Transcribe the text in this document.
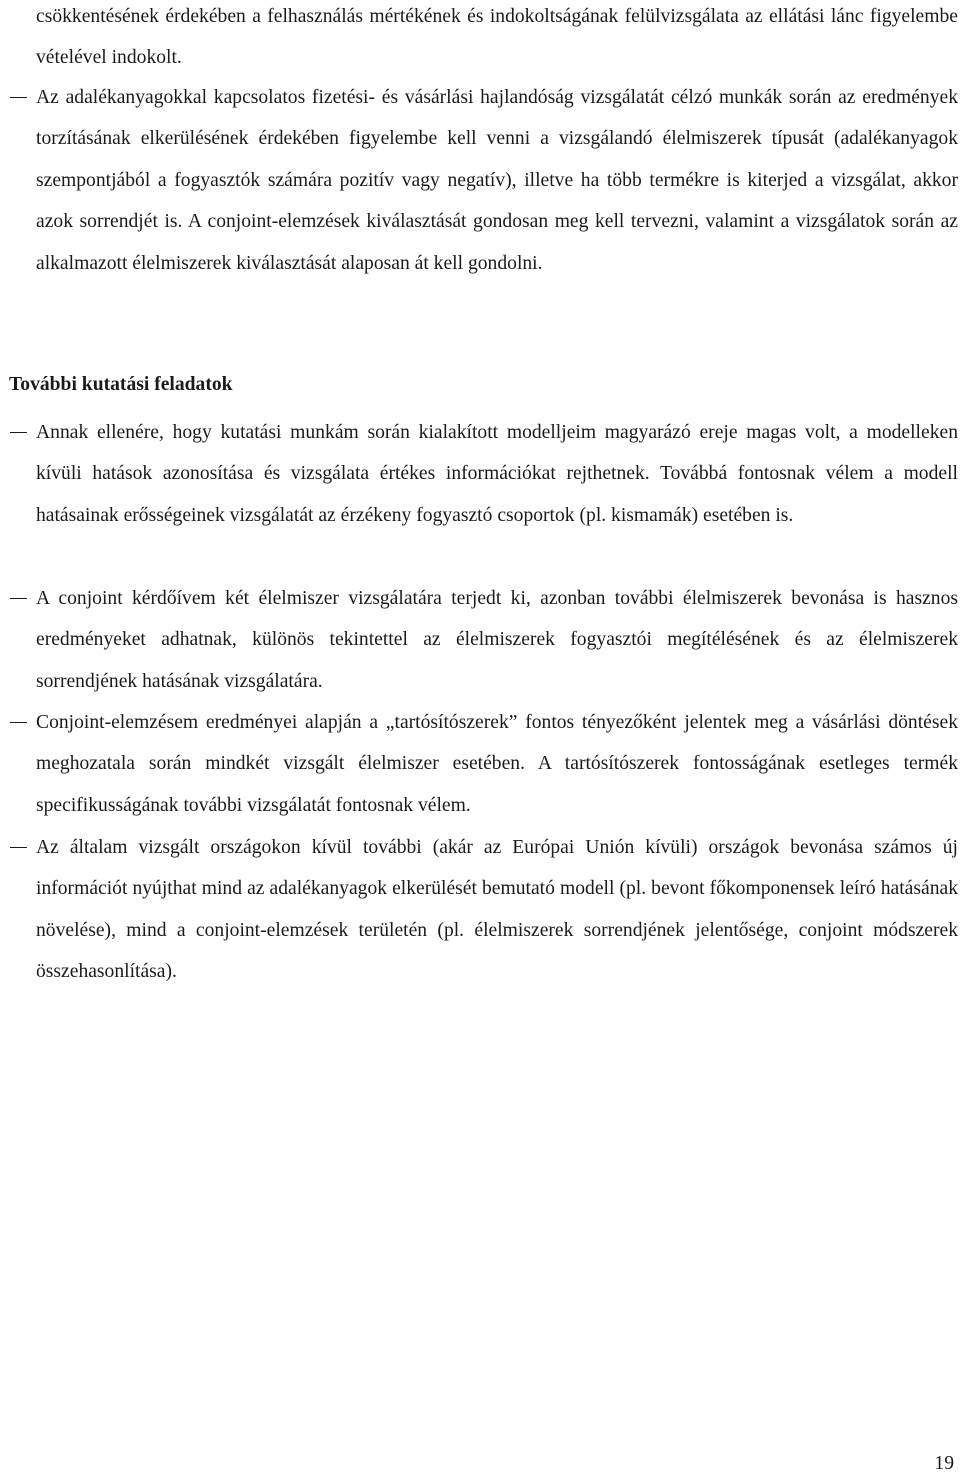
csökkentésének érdekében a felhasználás mértékének és indokoltságának felülvizsgálata az ellátási lánc figyelembe vételével indokolt.

Az adalékanyagokkal kapcsolatos fizetési- és vásárlási hajlandóság vizsgálatát célzó munkák során az eredmények torzításának elkerülésének érdekében figyelembe kell venni a vizsgálandó élelmiszerek típusát (adalékanyagok szempontjából a fogyasztók számára pozitív vagy negatív), illetve ha több termékre is kiterjed a vizsgálat, akkor azok sorrendjét is. A conjoint-elemzések kiválasztását gondosan meg kell tervezni, valamint a vizsgálatok során az alkalmazott élelmiszerek kiválasztását alaposan át kell gondolni.

További kutatási feladatok

Annak ellenére, hogy kutatási munkám során kialakított modelljeim magyarázó ereje magas volt, a modelleken kívüli hatások azonosítása és vizsgálata értékes információkat rejthetnek. Továbbá fontosnak vélem a modell hatásainak erősségeinek vizsgálatát az érzékeny fogyasztó csoportok (pl. kismamák) esetében is.

A conjoint kérdőívem két élelmiszer vizsgálatára terjedt ki, azonban további élelmiszerek bevonása is hasznos eredményeket adhatnak, különös tekintettel az élelmiszerek fogyasztói megítélésének és az élelmiszerek sorrendjének hatásának vizsgálatára.

Conjoint-elemzésem eredményei alapján a „tartósítószerek” fontos tényezőként jelentek meg a vásárlási döntések meghozatala során mindkét vizsgált élelmiszer esetében. A tartósítószerek fontosságának esetleges termék specifikusságának további vizsgálatát fontosnak vélem.

Az általam vizsgált országokon kívül további (akár az Európai Unión kívüli) országok bevonása számos új információt nyújthat mind az adalékanyagok elkerülését bemutató modell (pl. bevont főkomponensek leíró hatásának növelése), mind a conjoint-elemzések területén (pl. élelmiszerek sorrendjének jelentősége, conjoint módszerek összehasonlítása).

19
